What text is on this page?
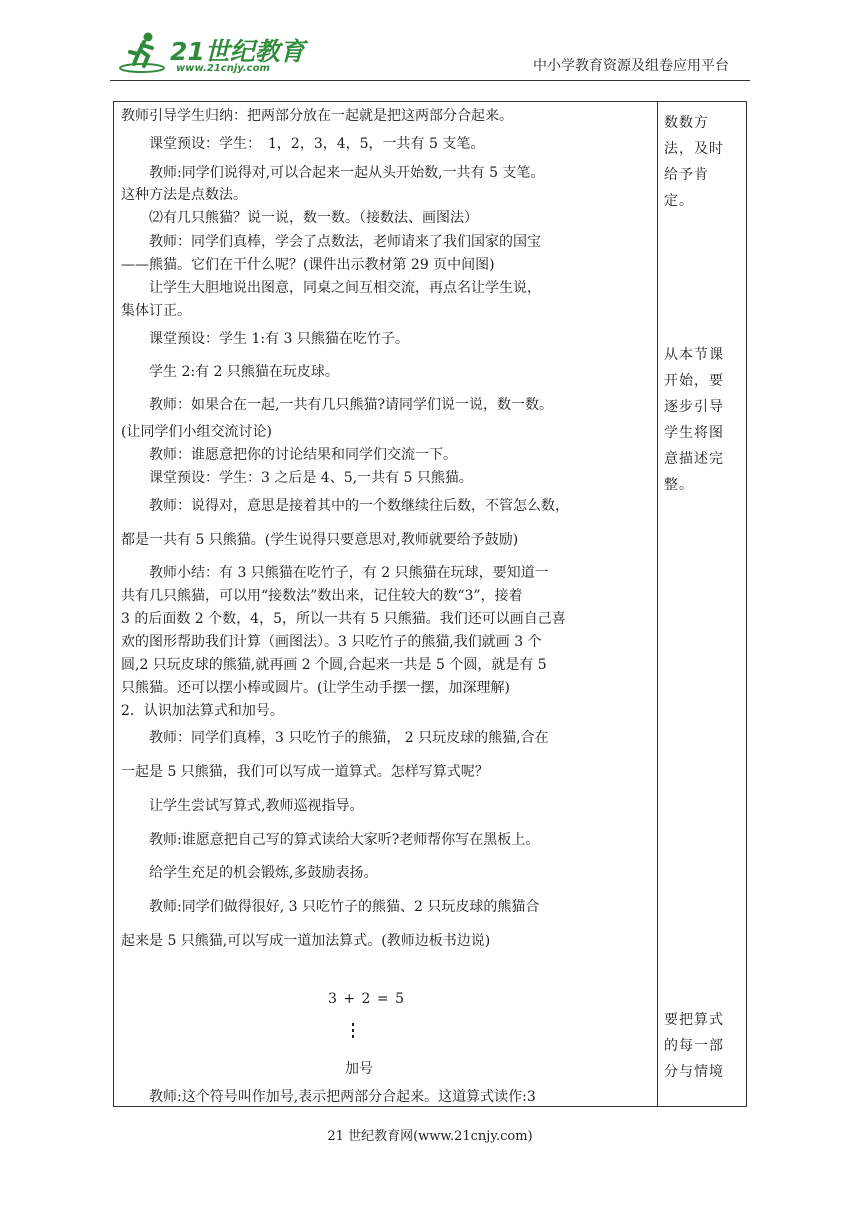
21世纪教育
www.21cnjy.com	中小学教育资源及组卷应用平台

教师引导学生归纳：把两部分放在一起就是把这两部分合起来。

课堂预设：学生：　1，2，3，4，5，一共有 5 支笔。

教师:同学们说得对,可以合起来一起从头开始数,一共有 5 支笔。

这种方法是点数法。

⑵有几只熊猫？说一说，数一数。（接数法、画图法）

教师：同学们真棒，学会了点数法，老师请来了我们国家的国宝

——熊猫。它们在干什么呢？(课件出示教材第 29 页中间图)

让学生大胆地说出图意，同桌之间互相交流，再点名让学生说，

集体订正。

课堂预设：学生 1:有 3 只熊猫在吃竹子。

学生 2:有 2 只熊猫在玩皮球。

教师：如果合在一起,一共有几只熊猫?请同学们说一说，数一数。

(让同学们小组交流讨论)

教师：谁愿意把你的讨论结果和同学们交流一下。

课堂预设：学生：3 之后是 4、5,一共有 5 只熊猫。

教师：说得对，意思是接着其中的一个数继续往后数，不管怎么数，

都是一共有 5 只熊猫。(学生说得只要意思对,教师就要给予鼓励)

教师小结：有 3 只熊猫在吃竹子，有 2 只熊猫在玩球，要知道一

共有几只熊猫，可以用“接数法”数出来，记住较大的数“3”，接着

3 的后面数 2 个数，4，5，所以一共有 5 只熊猫。我们还可以画自己喜

欢的图形帮助我们计算（画图法）。3 只吃竹子的熊猫,我们就画 3 个

圆,2 只玩皮球的熊猫,就再画 2 个圆,合起来一共是 5 个圆，就是有 5

只熊猫。还可以摆小棒或圆片。(让学生动手摆一摆，加深理解)

2．认识加法算式和加号。

教师：同学们真棒，3 只吃竹子的熊猫， 2 只玩皮球的熊猫,合在

一起是 5 只熊猫，我们可以写成一道算式。怎样写算式呢？

让学生尝试写算式,教师巡视指导。

教师:谁愿意把自己写的算式读给大家听?老师帮你写在黑板上。

给学生充足的机会锻炼,多鼓励表扬。

教师:同学们做得很好, 3 只吃竹子的熊猫、2 只玩皮球的熊猫合

起来是 5 只熊猫,可以写成一道加法算式。(教师边板书边说)

3 + 2 = 5
加号

教师:这个符号叫作加号,表示把两部分合起来。这道算式读作:3

数数方
法，及时
给予肯
定。
从本节课
开始，要
逐步引导
学生将图
意描述完
整。
要把算式
的每一部
分与情境
21 世纪教育网(www.21cnjy.com)
